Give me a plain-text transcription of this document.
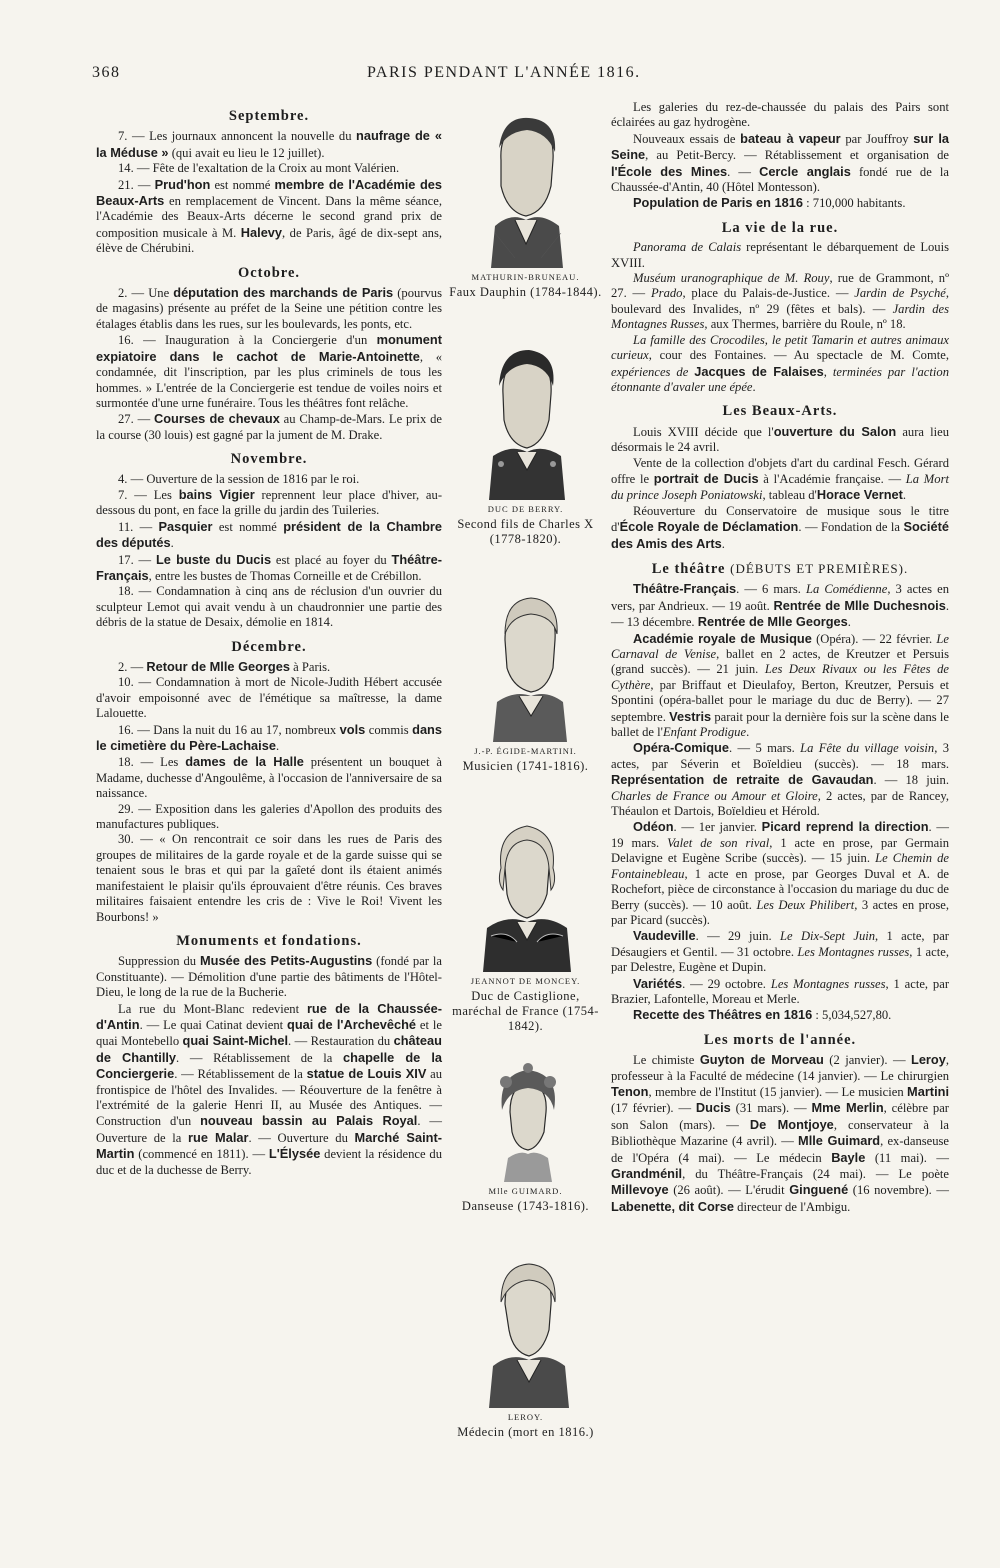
368	PARIS PENDANT L'ANNÉE 1816.
Septembre.

7. — Les journaux annoncent la nouvelle du naufrage de « la Méduse » (qui avait eu lieu le 12 juillet).

14. — Fête de l'exaltation de la Croix au mont Valérien.

21. — Prud'hon est nommé membre de l'Académie des Beaux-Arts en remplacement de Vincent. Dans la même séance, l'Académie des Beaux-Arts décerne le second grand prix de composition musicale à M. Halevy, de Paris, âgé de dix-sept ans, élève de Chérubini.

Octobre.

2. — Une députation des marchands de Paris (pourvus de magasins) présente au préfet de la Seine une pétition contre les étalages établis dans les rues, sur les boulevards, les ponts, etc.

16. — Inauguration à la Conciergerie d'un monument expiatoire dans le cachot de Marie-Antoinette, « condamnée, dit l'inscription, par les plus criminels de tous les hommes. » L'entrée de la Conciergerie est tendue de voiles noirs et surmontée d'une urne funéraire. Tous les théâtres font relâche.

27. — Courses de chevaux au Champ-de-Mars. Le prix de la course (30 louis) est gagné par la jument de M. Drake.

Novembre.

4. — Ouverture de la session de 1816 par le roi.

7. — Les bains Vigier reprennent leur place d'hiver, au-dessous du pont, en face la grille du jardin des Tuileries.

11. — Pasquier est nommé président de la Chambre des députés.

17. — Le buste du Ducis est placé au foyer du Théâtre-Français, entre les bustes de Thomas Corneille et de Crébillon.

18. — Condamnation à cinq ans de réclusion d'un ouvrier du sculpteur Lemot qui avait vendu à un chaudronnier une partie des débris de la statue de Desaix, démolie en 1814.

Décembre.

2. — Retour de Mlle Georges à Paris.

10. — Condamnation à mort de Nicole-Judith Hébert accusée d'avoir empoisonné avec de l'émétique sa maîtresse, la dame Lalouette.

16. — Dans la nuit du 16 au 17, nombreux vols commis dans le cimetière du Père-Lachaise.

18. — Les dames de la Halle présentent un bouquet à Madame, duchesse d'Angoulême, à l'occasion de l'anniversaire de sa naissance.

29. — Exposition dans les galeries d'Apollon des produits des manufactures publiques.

30. — « On rencontrait ce soir dans les rues de Paris des groupes de militaires de la garde royale et de la garde suisse qui se tenaient sous le bras et qui par la gaîeté dont ils étaient animés manifestaient le plaisir qu'ils éprouvaient d'être réunis. Ces braves militaires faisaient entendre les cris de : Vive le Roi! Vivent les Bourbons! »

Monuments et fondations.

Suppression du Musée des Petits-Augustins (fondé par la Constituante). — Démolition d'une partie des bâtiments de l'Hôtel-Dieu, le long de la rue de la Bucherie.

La rue du Mont-Blanc redevient rue de la Chaussée-d'Antin. — Le quai Catinat devient quai de l'Archevêché et le quai Montebello quai Saint-Michel. — Restauration du château de Chantilly. — Rétablissement de la chapelle de la Conciergerie. — Rétablissement de la statue de Louis XIV au frontispice de l'hôtel des Invalides. — Réouverture de la fenêtre à l'extrémité de la galerie Henri II, au Musée des Antiques. — Construction d'un nouveau bassin au Palais Royal. — Ouverture de la rue Malar. — Ouverture du Marché Saint-Martin (commencé en 1811). — L'Élysée devient la résidence du duc et de la duchesse de Berry.

MATHURIN-BRUNEAU.
Faux Dauphin (1784-1844).
DUC DE BERRY.
Second fils de Charles X (1778-1820).
J.-P. ÉGIDE-MARTINI.
Musicien (1741-1816).
JEANNOT DE MONCEY.
Duc de Castiglione, maréchal de France (1754-1842).
Mlle GUIMARD.
Danseuse (1743-1816).
LEROY.
Médecin (mort en 1816.)

Les galeries du rez-de-chaussée du palais des Pairs sont éclairées au gaz hydrogène.

Nouveaux essais de bateau à vapeur par Jouffroy sur la Seine, au Petit-Bercy. — Rétablissement et organisation de l'École des Mines. — Cercle anglais fondé rue de la Chaussée-d'Antin, 40 (Hôtel Montesson).

Population de Paris en 1816 : 710,000 habitants.

La vie de la rue.

Panorama de Calais représentant le débarquement de Louis XVIII.

Muséum uranographique de M. Rouy, rue de Grammont, nº 27. — Prado, place du Palais-de-Justice. — Jardin de Psyché, boulevard des Invalides, nº 29 (fêtes et bals). — Jardin des Montagnes Russes, aux Thermes, barrière du Roule, nº 18.

La famille des Crocodiles, le petit Tamarin et autres animaux curieux, cour des Fontaines. — Au spectacle de M. Comte, expériences de Jacques de Falaises, terminées par l'action étonnante d'avaler une épée.

Les Beaux-Arts.

Louis XVIII décide que l'ouverture du Salon aura lieu désormais le 24 avril.

Vente de la collection d'objets d'art du cardinal Fesch. Gérard offre le portrait de Ducis à l'Académie française. — La Mort du prince Joseph Poniatowski, tableau d'Horace Vernet.

Réouverture du Conservatoire de musique sous le titre d'École Royale de Déclamation. — Fondation de la Société des Amis des Arts.

Le théâtre (DÉBUTS ET PREMIÈRES).

Théâtre-Français. — 6 mars. La Comédienne, 3 actes en vers, par Andrieux. — 19 août. Rentrée de Mlle Duchesnois. — 13 décembre. Rentrée de Mlle Georges.

Académie royale de Musique (Opéra). — 22 février. Le Carnaval de Venise, ballet en 2 actes, de Kreutzer et Persuis (grand succès). — 21 juin. Les Deux Rivaux ou les Fêtes de Cythère, par Briffaut et Dieulafoy, Berton, Kreutzer, Persuis et Spontini (opéra-ballet pour le mariage du duc de Berry). — 27 septembre. Vestris parait pour la dernière fois sur la scène dans le ballet de l'Enfant Prodigue.

Opéra-Comique. — 5 mars. La Fête du village voisin, 3 actes, par Séverin et Boïeldieu (succès). — 18 mars. Représentation de retraite de Gavaudan. — 18 juin. Charles de France ou Amour et Gloire, 2 actes, par de Rancey, Théaulon et Dartois, Boïeldieu et Hérold.

Odéon. — 1er janvier. Picard reprend la direction. — 19 mars. Valet de son rival, 1 acte en prose, par Germain Delavigne et Eugène Scribe (succès). — 15 juin. Le Chemin de Fontainebleau, 1 acte en prose, par Georges Duval et A. de Rochefort, pièce de circonstance à l'occasion du mariage du duc de Berry (succès). — 10 août. Les Deux Philibert, 3 actes en prose, par Picard (succès).

Vaudeville. — 29 juin. Le Dix-Sept Juin, 1 acte, par Désaugiers et Gentil. — 31 octobre. Les Montagnes russes, 1 acte, par Delestre, Eugène et Dupin.

Variétés. — 29 octobre. Les Montagnes russes, 1 acte, par Brazier, Lafontelle, Moreau et Merle.

Recette des Théâtres en 1816 : 5,034,527,80.

Les morts de l'année.

Le chimiste Guyton de Morveau (2 janvier). — Leroy, professeur à la Faculté de médecine (14 janvier). — Le chirurgien Tenon, membre de l'Institut (15 janvier). — Le musicien Martini (17 février). — Ducis (31 mars). — Mme Merlin, célèbre par son Salon (mars). — De Montjoye, conservateur à la Bibliothèque Mazarine (4 avril). — Mlle Guimard, ex-danseuse de l'Opéra (4 mai). — Le médecin Bayle (11 mai). — Grandménil, du Théâtre-Français (24 mai). — Le poète Millevoye (26 août). — L'érudit Ginguené (16 novembre). — Labenette, dit Corse directeur de l'Ambigu.
